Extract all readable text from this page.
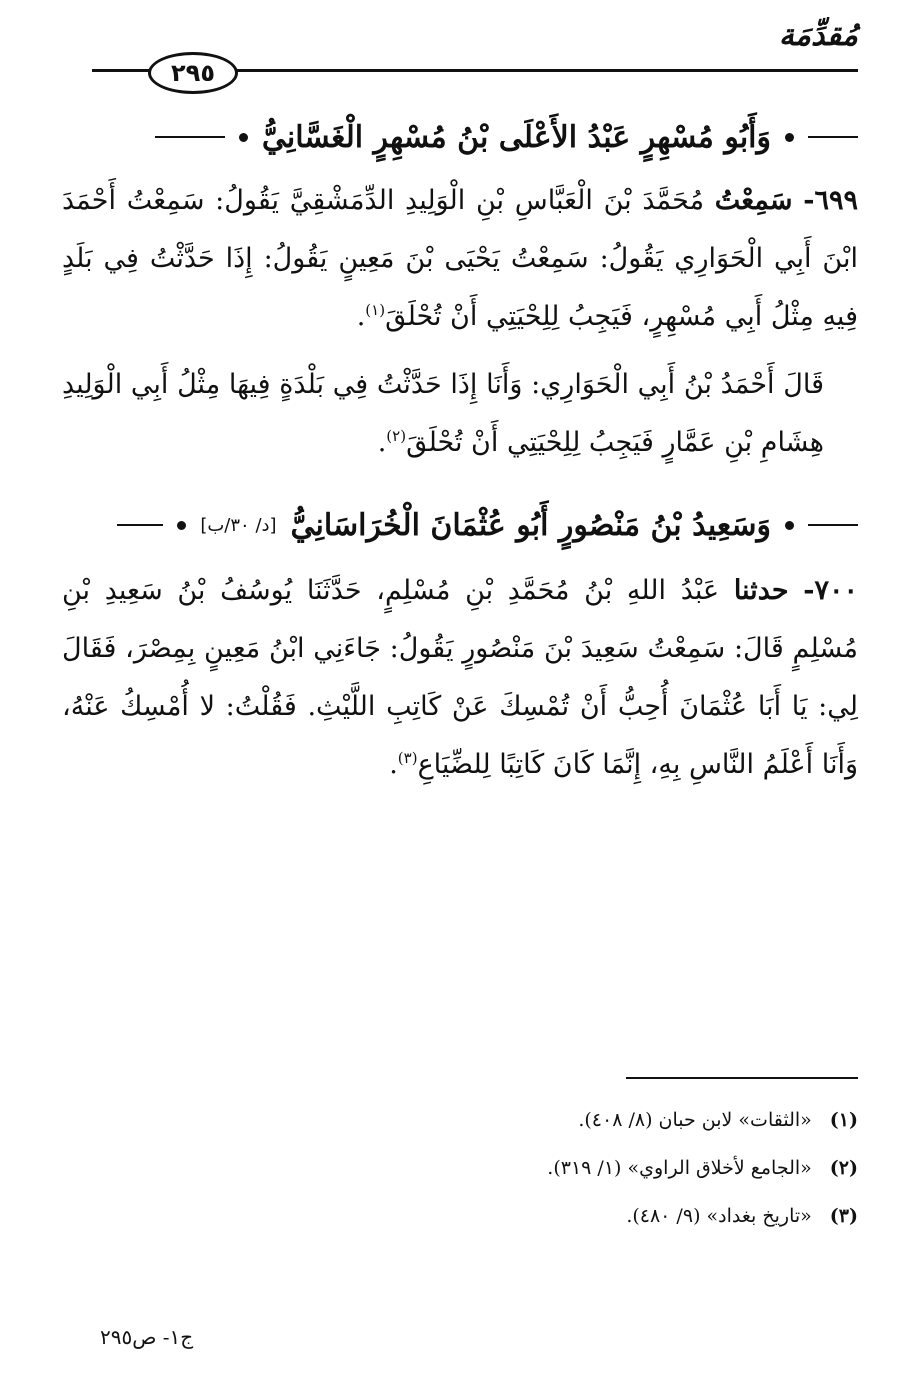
مُقدِّمَة
٢٩٥
وَأَبُو مُسْهِرٍ عَبْدُ الأَعْلَى بْنُ مُسْهِرٍ الْغَسَّانِيُّ

٦٩٩- سَمِعْتُ مُحَمَّدَ بْنَ الْعَبَّاسِ بْنِ الْوَلِيدِ الدِّمَشْقِيَّ يَقُولُ: سَمِعْتُ أَحْمَدَ ابْنَ أَبِي الْحَوَارِي يَقُولُ: سَمِعْتُ يَحْيَى بْنَ مَعِينٍ يَقُولُ: إِذَا حَدَّثْتُ فِي بَلَدٍ فِيهِ مِثْلُ أَبِي مُسْهِرٍ، فَيَجِبُ لِلِحْيَتِي أَنْ تُحْلَقَ$^{(١)}$.

قَالَ أَحْمَدُ بْنُ أَبِي الْحَوَارِي: وَأَنَا إِذَا حَدَّثْتُ فِي بَلْدَةٍ فِيهَا مِثْلُ أَبِي الْوَلِيدِ هِشَامِ بْنِ عَمَّارٍ فَيَجِبُ لِلِحْيَتِي أَنْ تُحْلَقَ$^{(٢)}$.

وَسَعِيدُ بْنُ مَنْصُورٍ أَبُو عُثْمَانَ الْخُرَاسَانِيُّ
[د/ ٣٠/ب]

٧٠٠- حدثنا عَبْدُ اللهِ بْنُ مُحَمَّدِ بْنِ مُسْلِمٍ، حَدَّثَنَا يُوسُفُ بْنُ سَعِيدِ بْنِ مُسْلِمٍ قَالَ: سَمِعْتُ سَعِيدَ بْنَ مَنْصُورٍ يَقُولُ: جَاءَنِي ابْنُ مَعِينٍ بِمِصْرَ، فَقَالَ لِي: يَا أَبَا عُثْمَانَ أُحِبُّ أَنْ تُمْسِكَ عَنْ كَاتِبِ اللَّيْثِ. فَقُلْتُ: لا أُمْسِكُ عَنْهُ، وَأَنَا أَعْلَمُ النَّاسِ بِهِ، إِنَّمَا كَانَ كَاتِبًا لِلضِّيَاعِ$^{(٣)}$.

(١)
«الثقات» لابن حبان (٨/ ٤٠٨).
(٢)
«الجامع لأخلاق الراوي» (١/ ٣١٩).
(٣)
«تاريخ بغداد» (٩/ ٤٨٠).
ج١- ص٢٩٥
